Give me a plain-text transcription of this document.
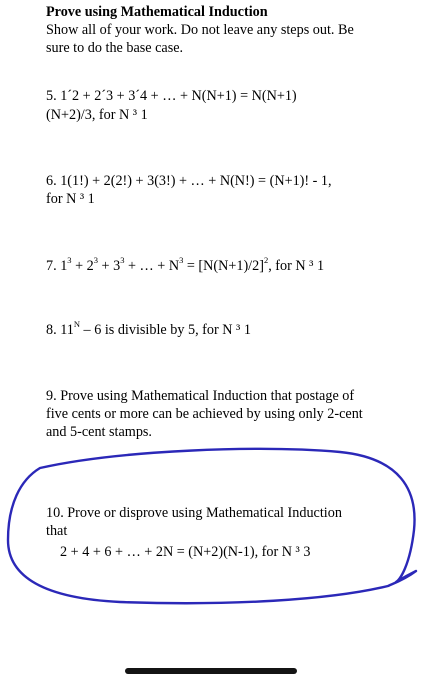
Prove using Mathematical Induction
Show all of your work. Do not leave any steps out. Be
sure to do the base case.
5. 1´2 + 2´3 + 3´4 + … + N(N+1) = N(N+1)
(N+2)/3, for N ³ 1
6. 1(1!) + 2(2!) + 3(3!) + … + N(N!) = (N+1)! - 1,
for N ³ 1
7. $1^3 + 2^3 + 3^3$ + … + $N^3 = [N(N+1)/2]^2$, for N ³ 1
8. $11^N - 6$ is divisible by 5, for N ³ 1
9. Prove using Mathematical Induction that postage of
five cents or more can be achieved by using only 2-cent
and 5-cent stamps.
10. Prove or disprove using Mathematical Induction
that
2 + 4 + 6 + … + 2N = (N+2)(N-1), for N ³ 3
